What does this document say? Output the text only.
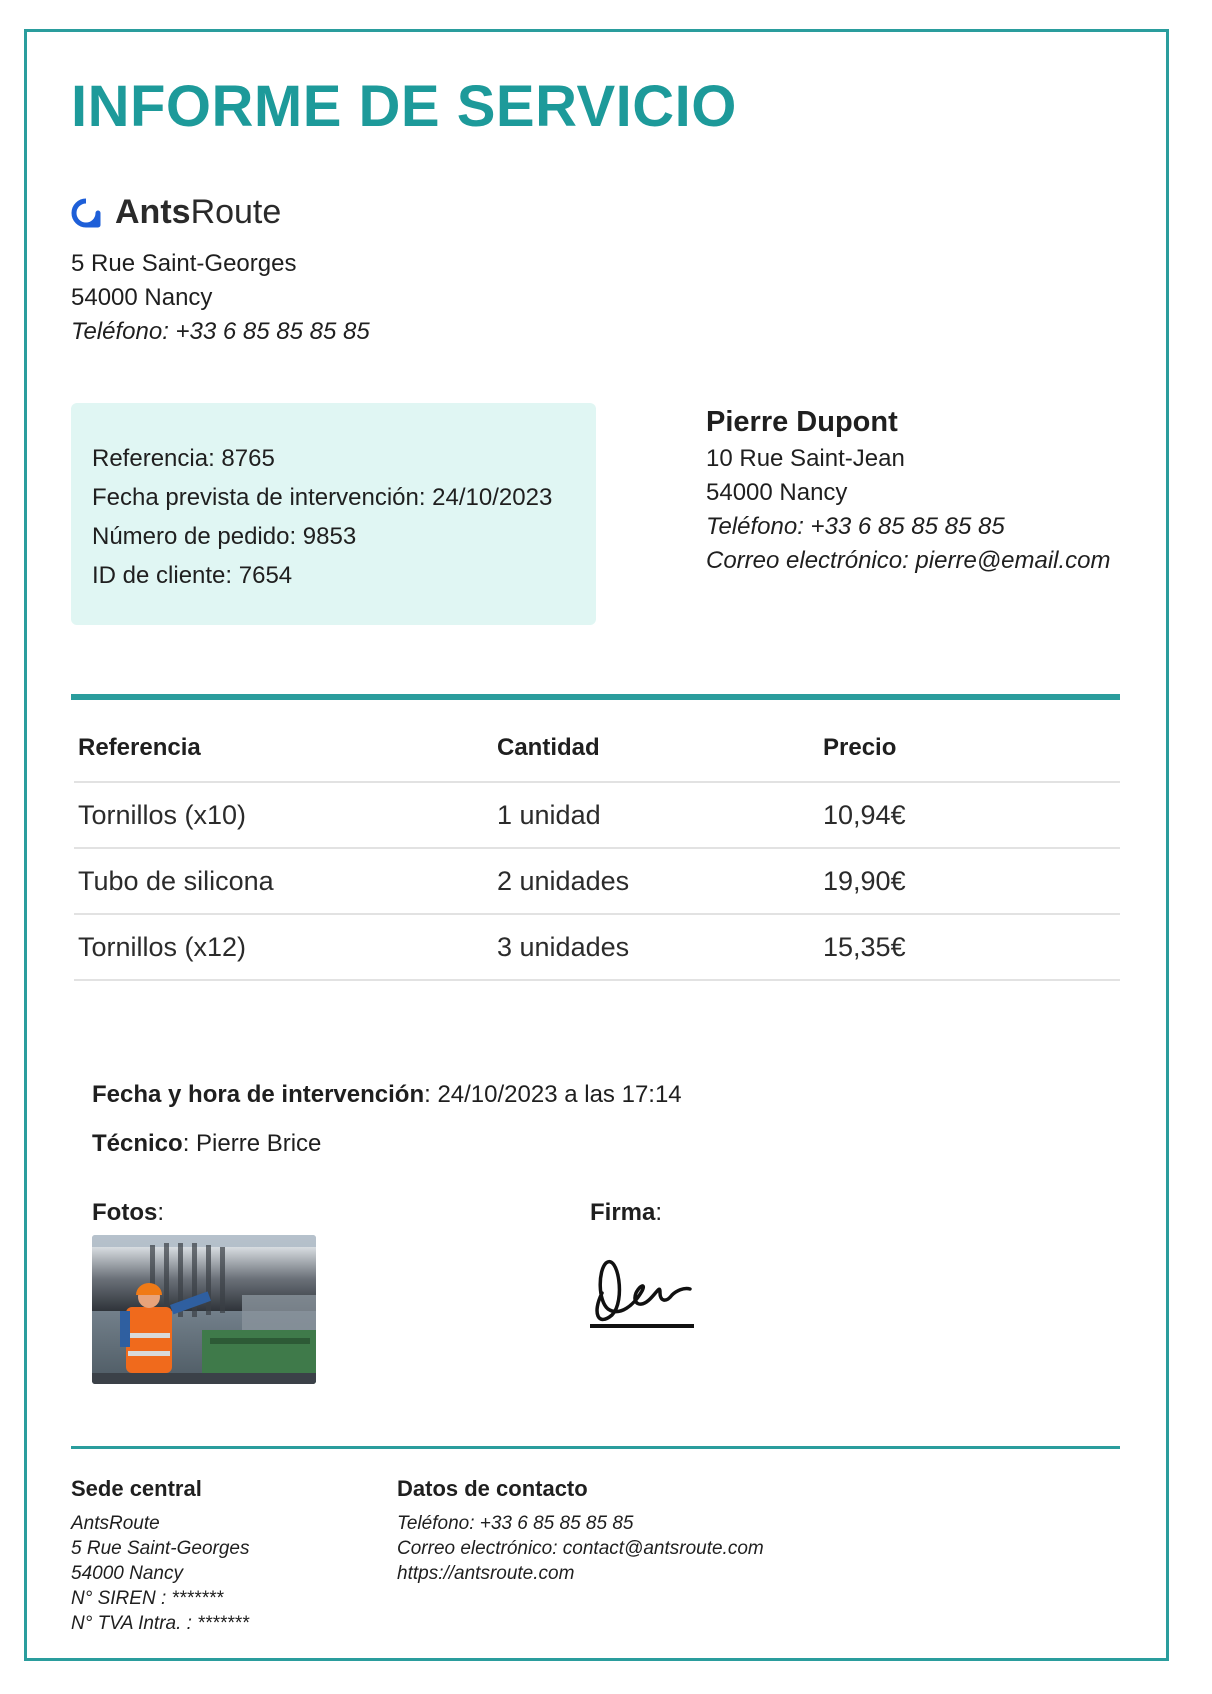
INFORME DE SERVICIO
AntsRoute
5 Rue Saint-Georges
54000 Nancy
Teléfono: +33 6 85 85 85 85
Referencia: 8765
Fecha prevista de intervención: 24/10/2023
Número de pedido: 9853
ID de cliente: 7654
Pierre Dupont
10 Rue Saint-Jean
54000 Nancy
Teléfono: +33 6 85 85 85 85
Correo electrónico: pierre@email.com
Referencia	Cantidad	Precio
Tornillos (x10)	1 unidad	10,94€
Tubo de silicona	2 unidades	19,90€
Tornillos (x12)	3 unidades	15,35€
Fecha y hora de intervención: 24/10/2023 a las 17:14
Técnico: Pierre Brice
Fotos:	Firma:
Sede central
AntsRoute
5 Rue Saint-Georges
54000 Nancy
N° SIREN : *******
N° TVA Intra. : *******
Datos de contacto
Teléfono: +33 6 85 85 85 85
Correo electrónico: contact@antsroute.com
https://antsroute.com
